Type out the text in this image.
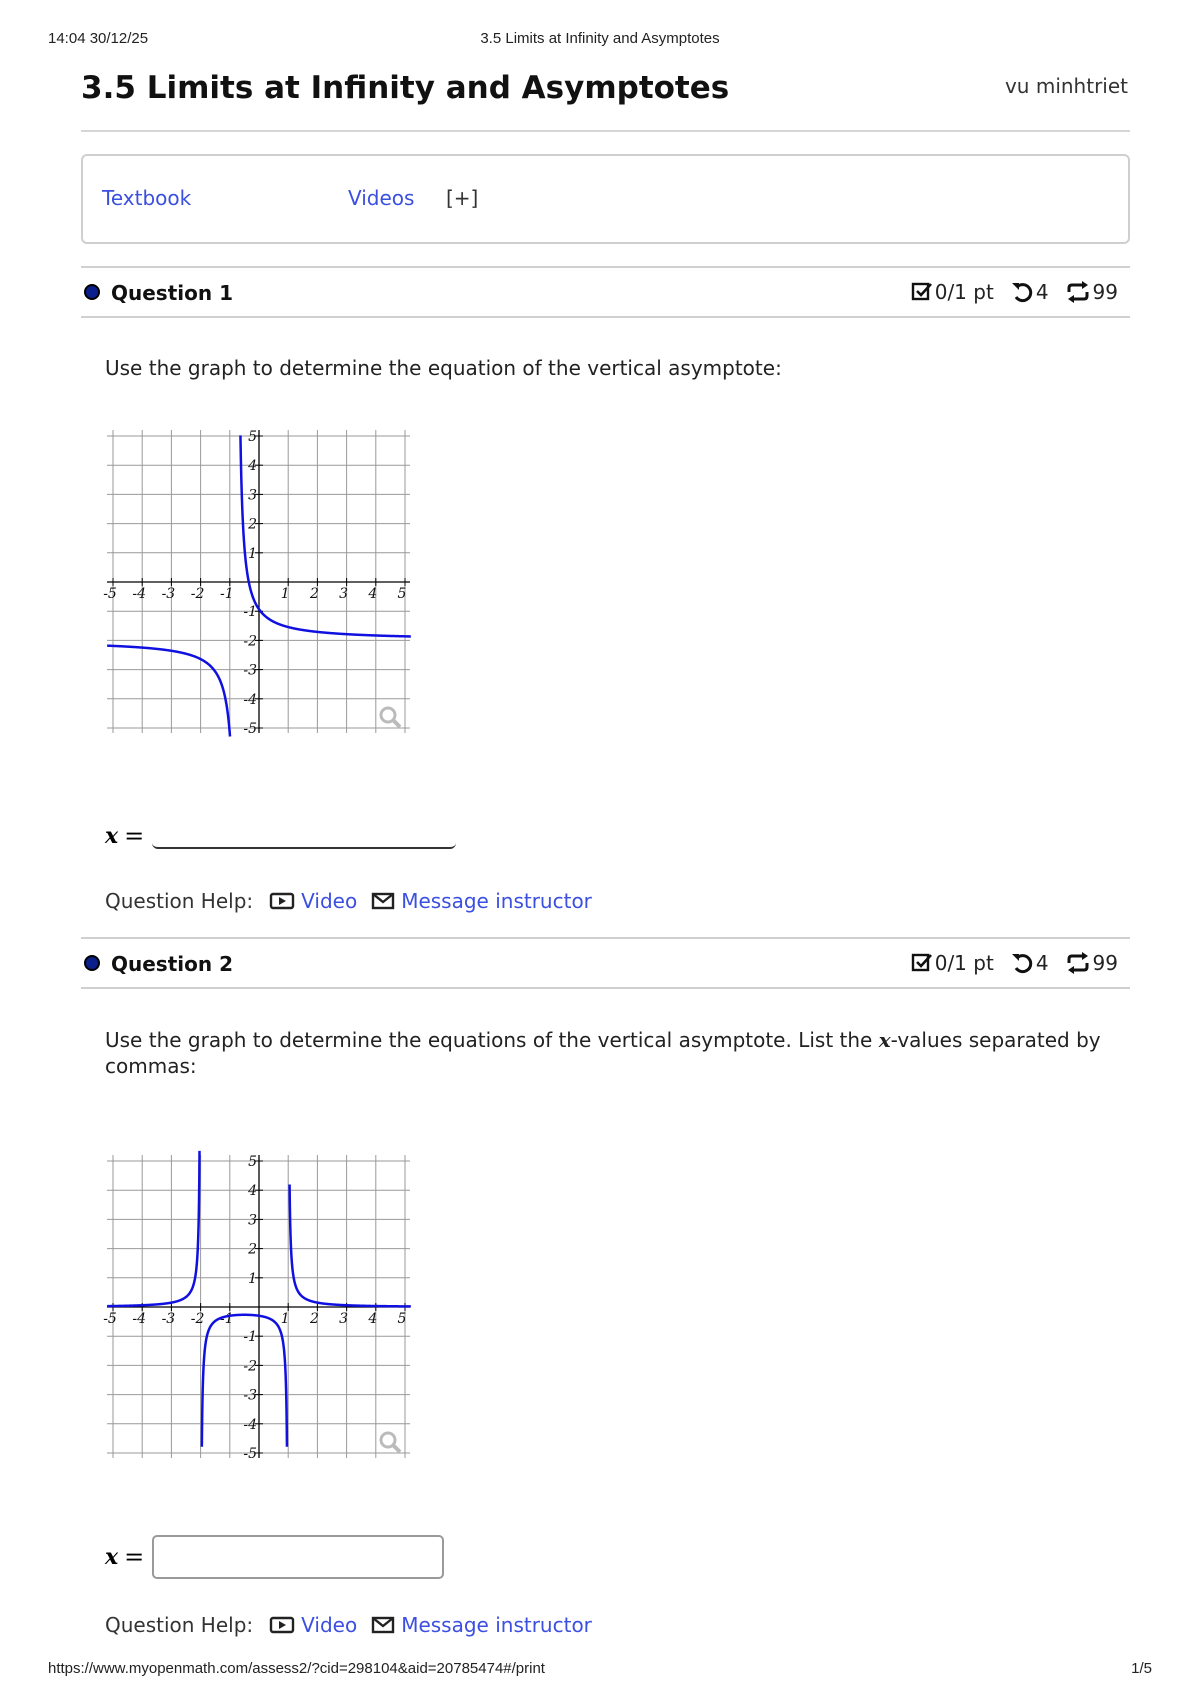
14:04 30/12/25	3.5 Limits at Infinity and Asymptotes
3.5 Limits at Infinity and Asymptotes	vu minhtriet
Textbook	Videos [+]
Question 1	0/1 pt 4 99

Use the graph to determine the equation of the vertical asymptote:

-5
-5
-4
-4
-3
-3
-2
-2
-1
-1
1
1
2
2
3
3
4
4
5
5
x =
Question Help: Video Message instructor
Question 2	0/1 pt 4 99

Use the graph to determine the equations of the vertical asymptote. List the x-values separated by commas:

-5
-5
-4
-4
-3
-3
-2
-2
-1
-1
1
1
2
2
3
3
4
4
5
5
x =
Question Help: Video Message instructor
https://www.myopenmath.com/assess2/?cid=298104&aid=20785474#/print	1/5
